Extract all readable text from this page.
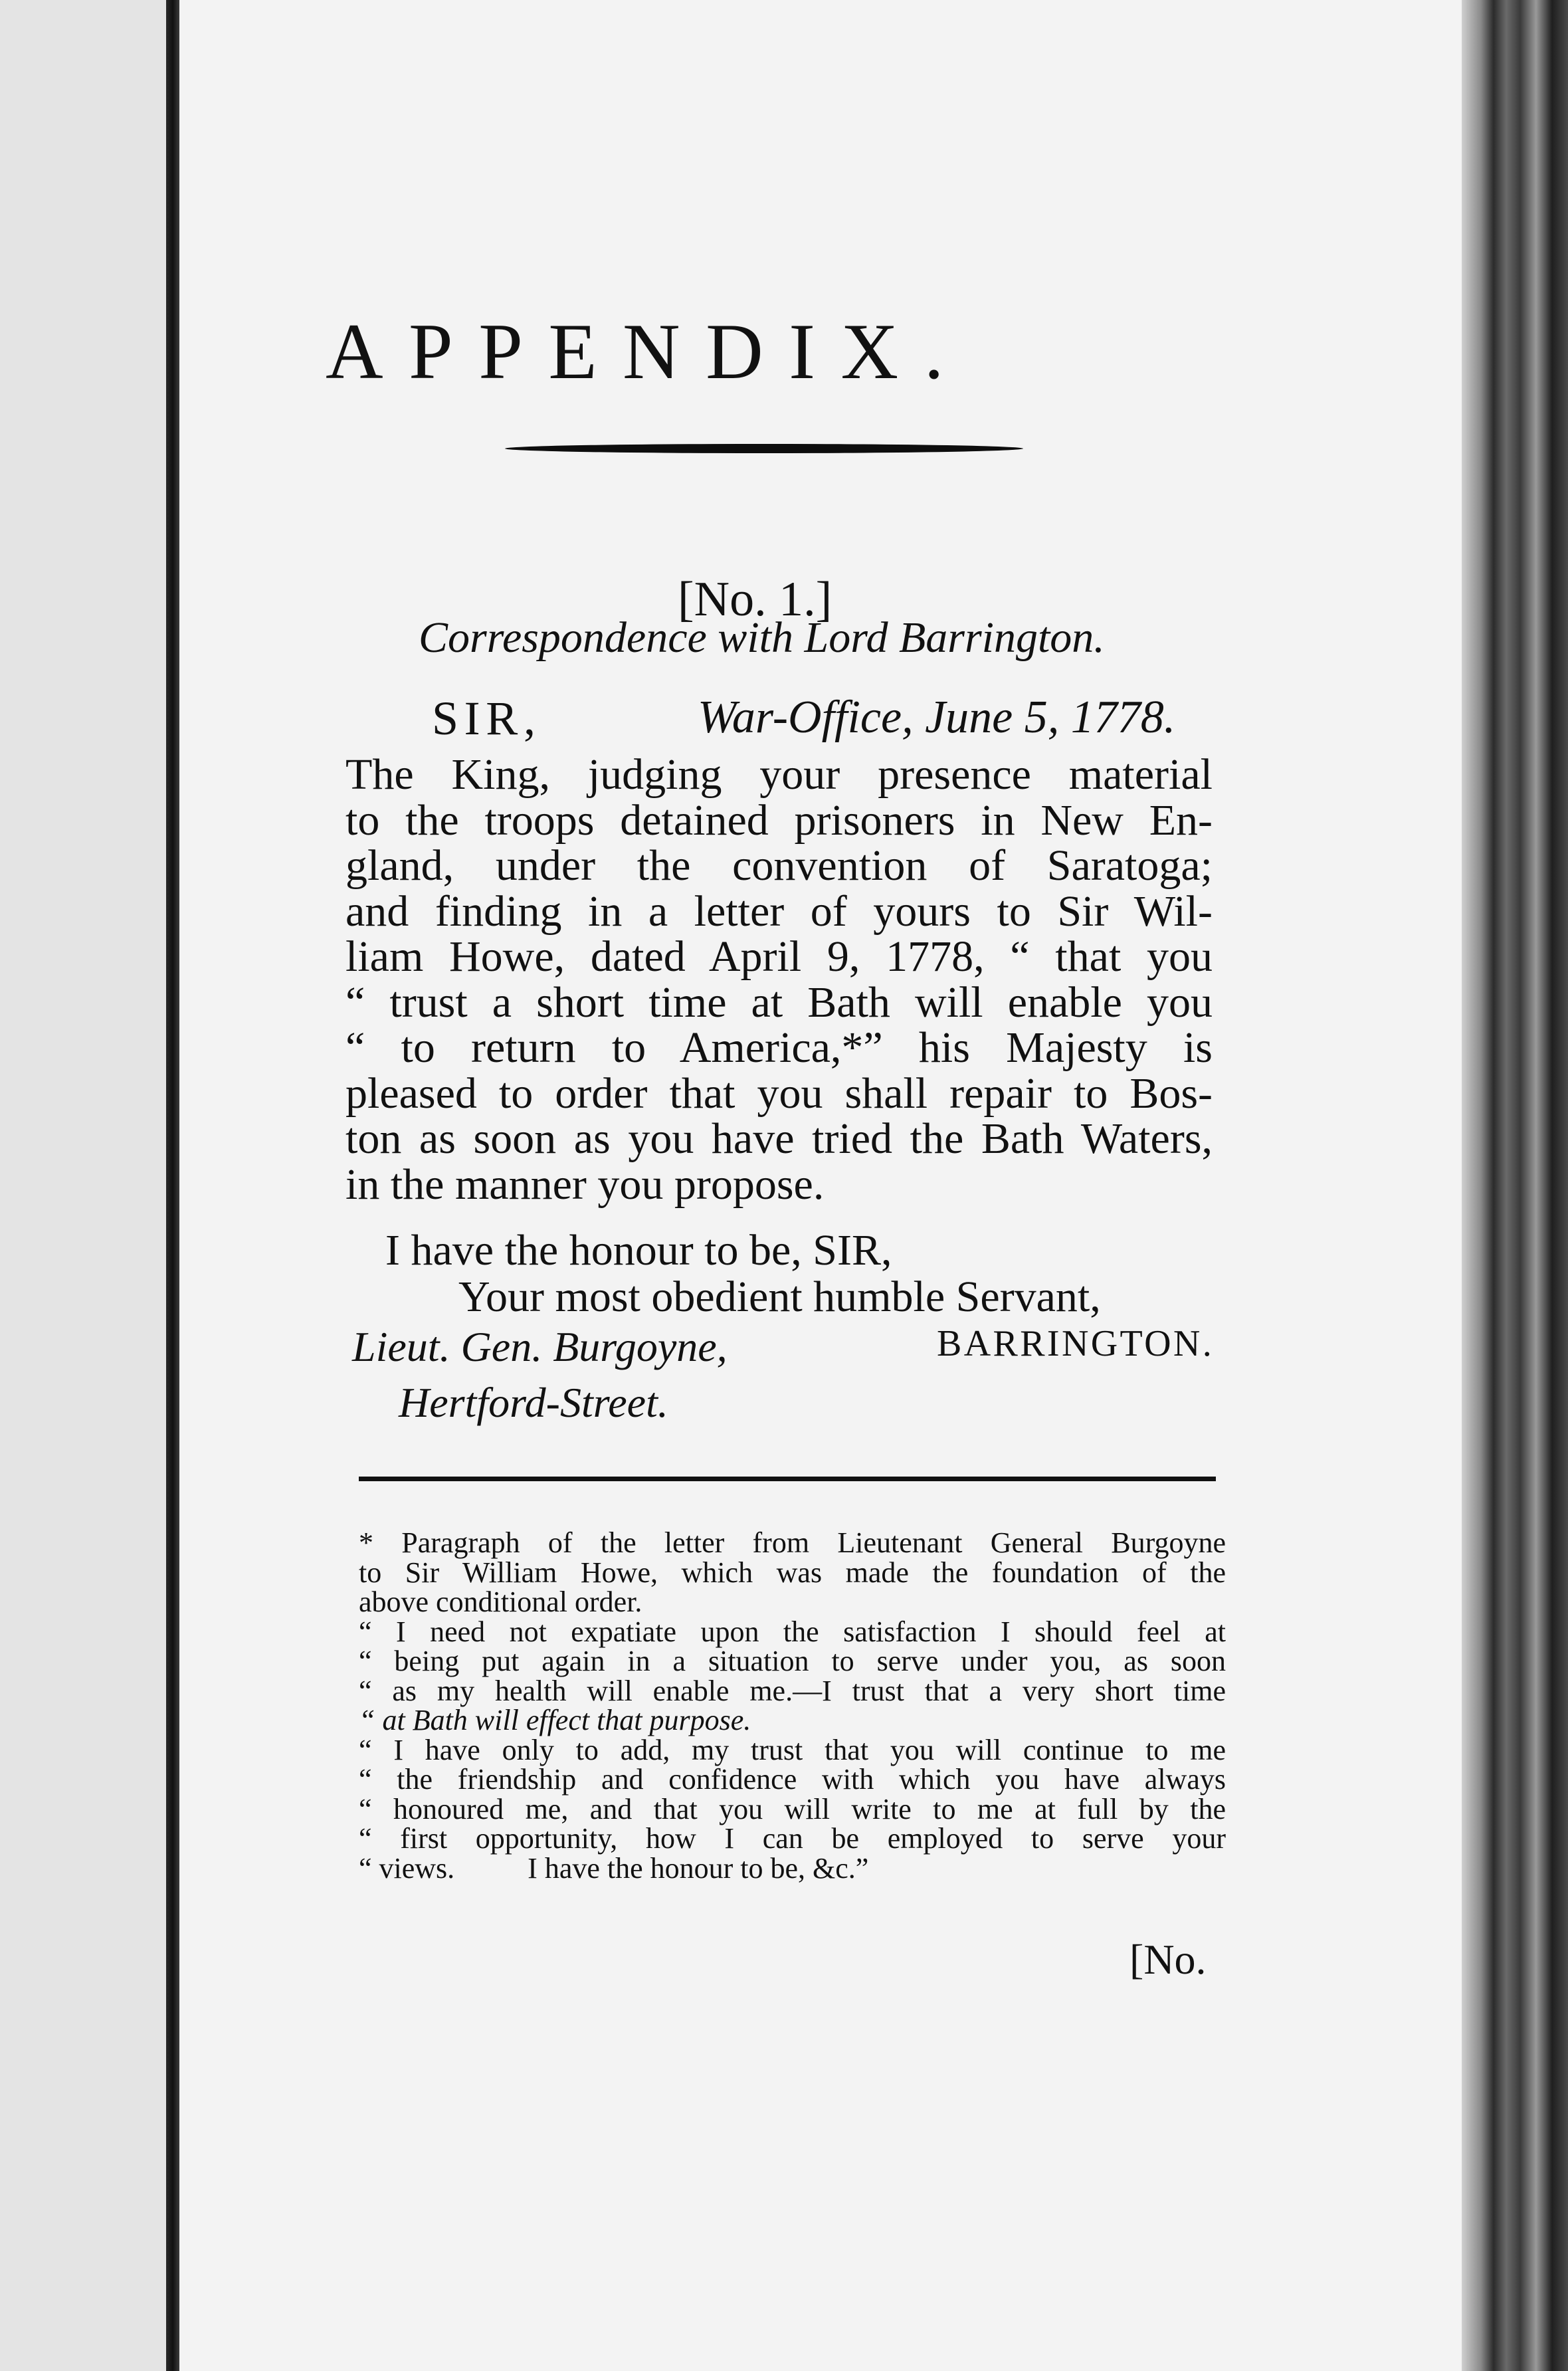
APPENDIX.
[No. 1.]
Correspondence with Lord Barrington.
SIR,	War-Office, June 5, 1778.
The King, judging your presence material
to the troops detained prisoners in New En-
gland, under the convention of Saratoga;
and finding in a letter of yours to Sir Wil-
liam Howe, dated April 9, 1778, “ that you
“ trust a short time at Bath will enable you
“ to return to America,*” his Majesty is
pleased to order that you shall repair to Bos-
ton as soon as you have tried the Bath Waters,
in the manner you propose.
I have the honour to be, SIR,
Your most obedient humble Servant,
Lieut. Gen. Burgoyne,	BARRINGTON.
Hertford-Street.
* Paragraph of the letter from Lieutenant General Burgoyne
to Sir William Howe, which was made the foundation of the
above conditional order.
“ I need not expatiate upon the satisfaction I should feel at
“ being put again in a situation to serve under you, as soon
“ as my health will enable me.—I trust that a very short time
“ at Bath will effect that purpose.
“ I have only to add, my trust that you will continue to me
“ the friendship and confidence with which you have always
“ honoured me, and that you will write to me at full by the
“ first opportunity, how I can be employed to serve your
“ views.          I have the honour to be, &c.”
[No.
